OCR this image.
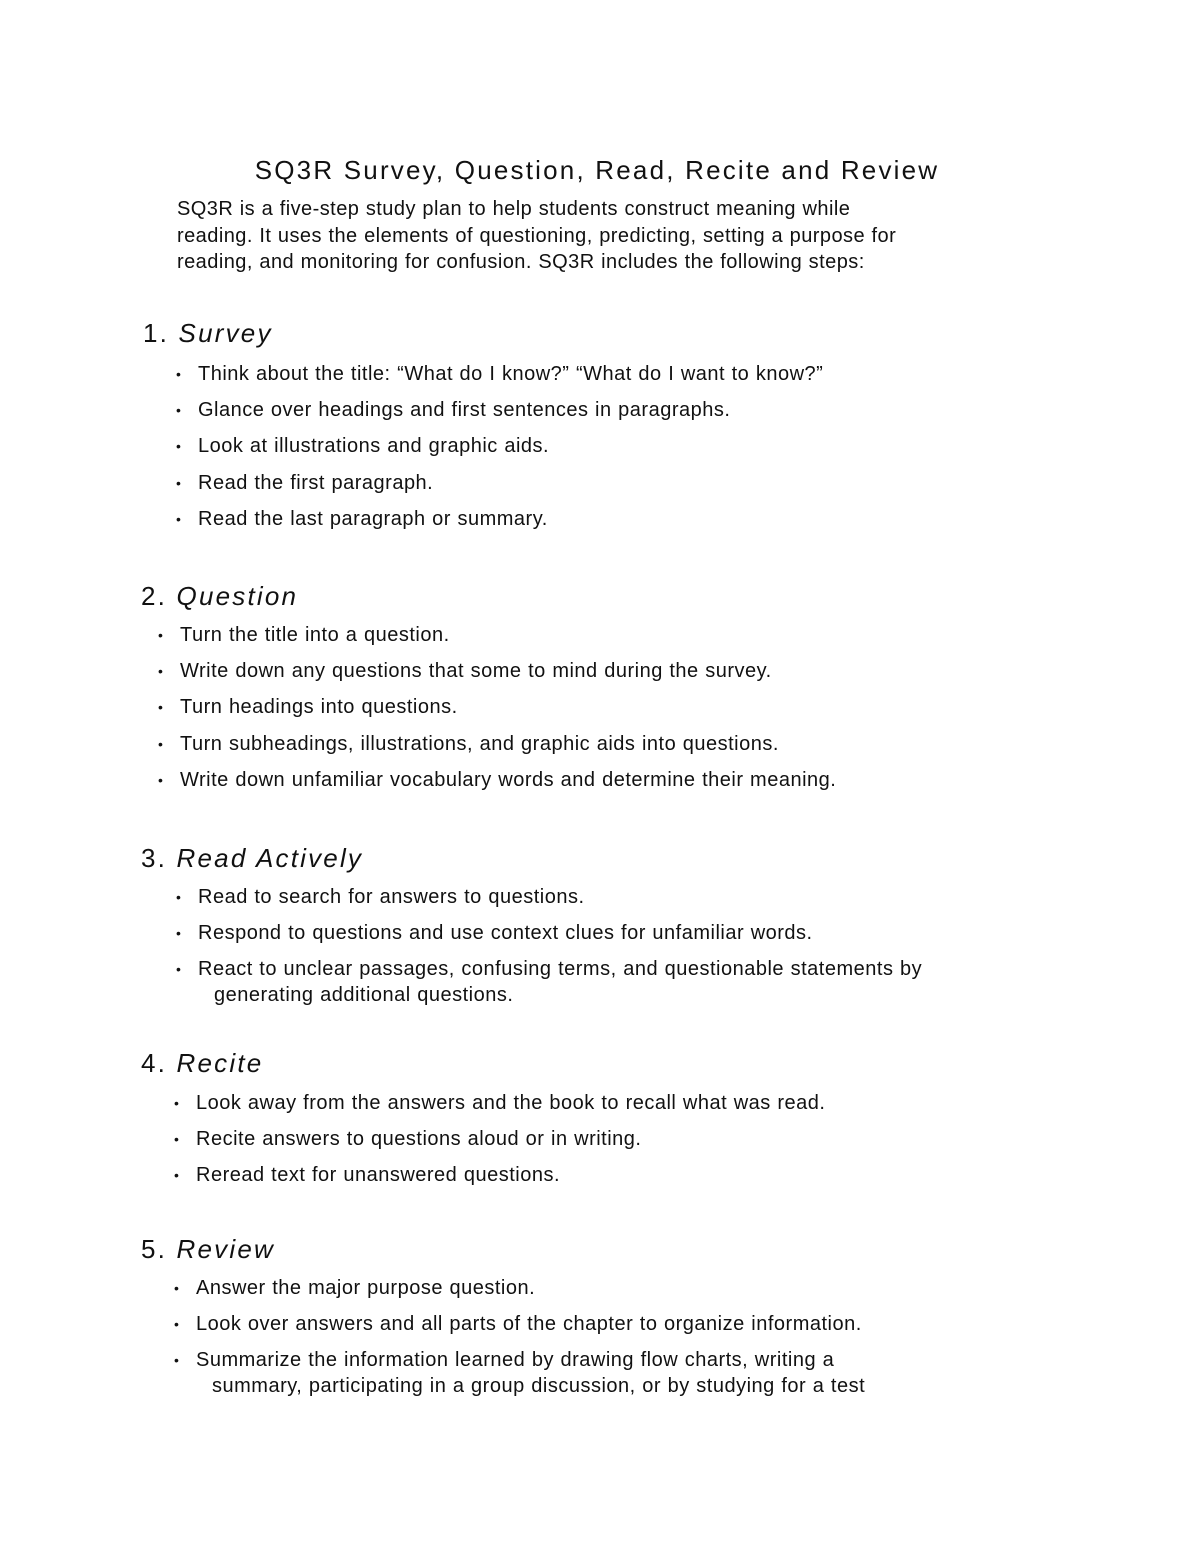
SQ3R Survey, Question, Read, Recite and Review
SQ3R is a five-step study plan to help students construct meaning while
reading. It uses the elements of questioning, predicting, setting a purpose for
reading, and monitoring for confusion. SQ3R includes the following steps:
1. Survey
• Think about the title: “What do I know?” “What do I want to know?”
• Glance over headings and first sentences in paragraphs.
• Look at illustrations and graphic aids.
• Read the first paragraph.
• Read the last paragraph or summary.
2. Question
• Turn the title into a question.
• Write down any questions that some to mind during the survey.
• Turn headings into questions.
• Turn subheadings, illustrations, and graphic aids into questions.
• Write down unfamiliar vocabulary words and determine their meaning.
3. Read Actively
• Read to search for answers to questions.
• Respond to questions and use context clues for unfamiliar words.
• React to unclear passages, confusing terms, and questionable statements by
generating additional questions.
4. Recite
• Look away from the answers and the book to recall what was read.
• Recite answers to questions aloud or in writing.
• Reread text for unanswered questions.
5. Review
• Answer the major purpose question.
• Look over answers and all parts of the chapter to organize information.
• Summarize the information learned by drawing flow charts, writing a
summary, participating in a group discussion, or by studying for a test
